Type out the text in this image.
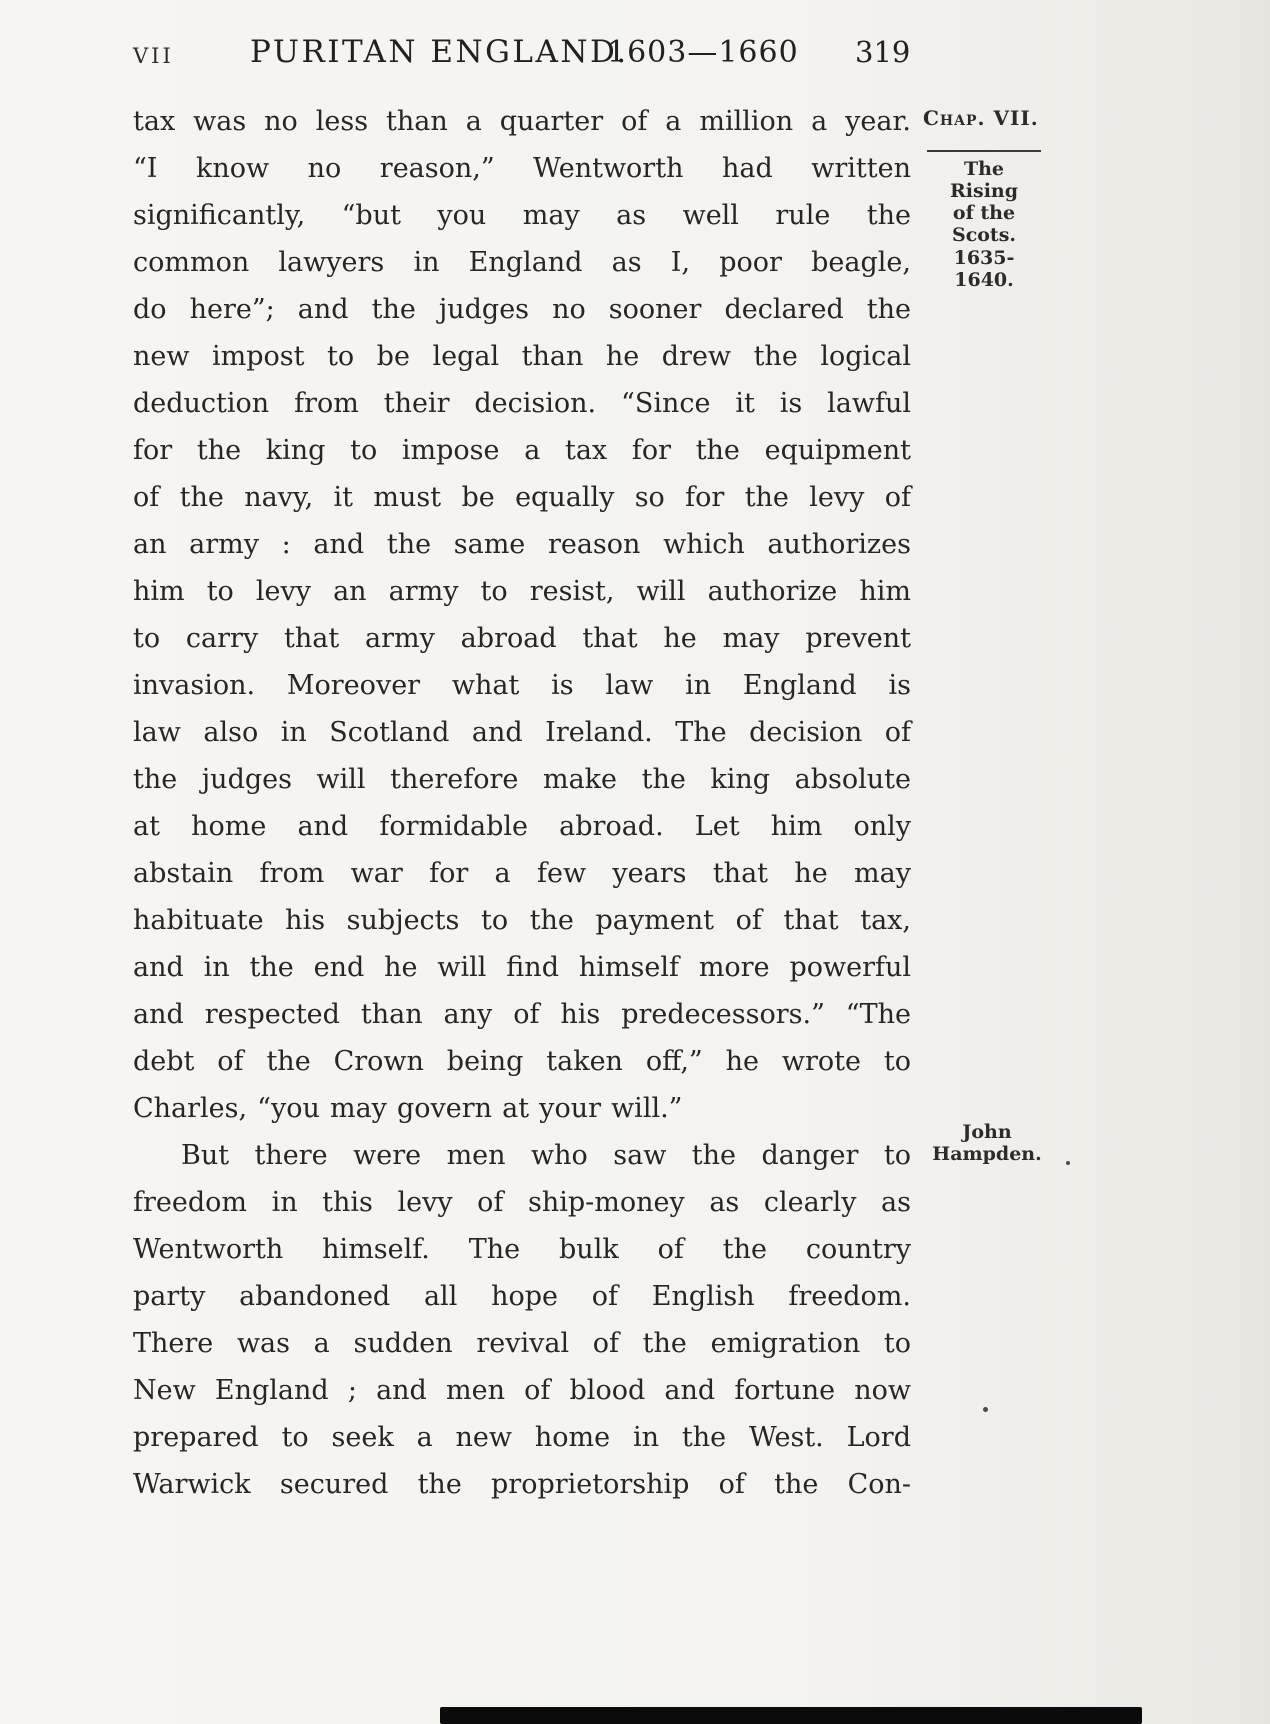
VII PURITAN ENGLAND.
1603—1660 319
tax was no less than a quarter of a million a year.
“I know no reason,” Wentworth had written
significantly, “but you may as well rule the
common lawyers in England as I, poor beagle,
do here”; and the judges no sooner declared the
new impost to be legal than he drew the logical
deduction from their decision. “Since it is lawful
for the king to impose a tax for the equipment
of the navy, it must be equally so for the levy of
an army : and the same reason which authorizes
him to levy an army to resist, will authorize him
to carry that army abroad that he may prevent
invasion. Moreover what is law in England is
law also in Scotland and Ireland. The decision of
the judges will therefore make the king absolute
at home and formidable abroad. Let him only
abstain from war for a few years that he may
habituate his subjects to the payment of that tax,
and in the end he will find himself more powerful
and respected than any of his predecessors.” “The
debt of the Crown being taken off,” he wrote to
Charles, “you may govern at your will.”
But there were men who saw the danger to
freedom in this levy of ship-money as clearly as
Wentworth himself. The bulk of the country
party abandoned all hope of English freedom.
There was a sudden revival of the emigration to
New England ; and men of blood and fortune now
prepared to seek a new home in the West. Lord
Warwick secured the proprietorship of the Con-
Chap. VII.
The Rising
of the
Scots.
1635-1640.
John
Hampden.
